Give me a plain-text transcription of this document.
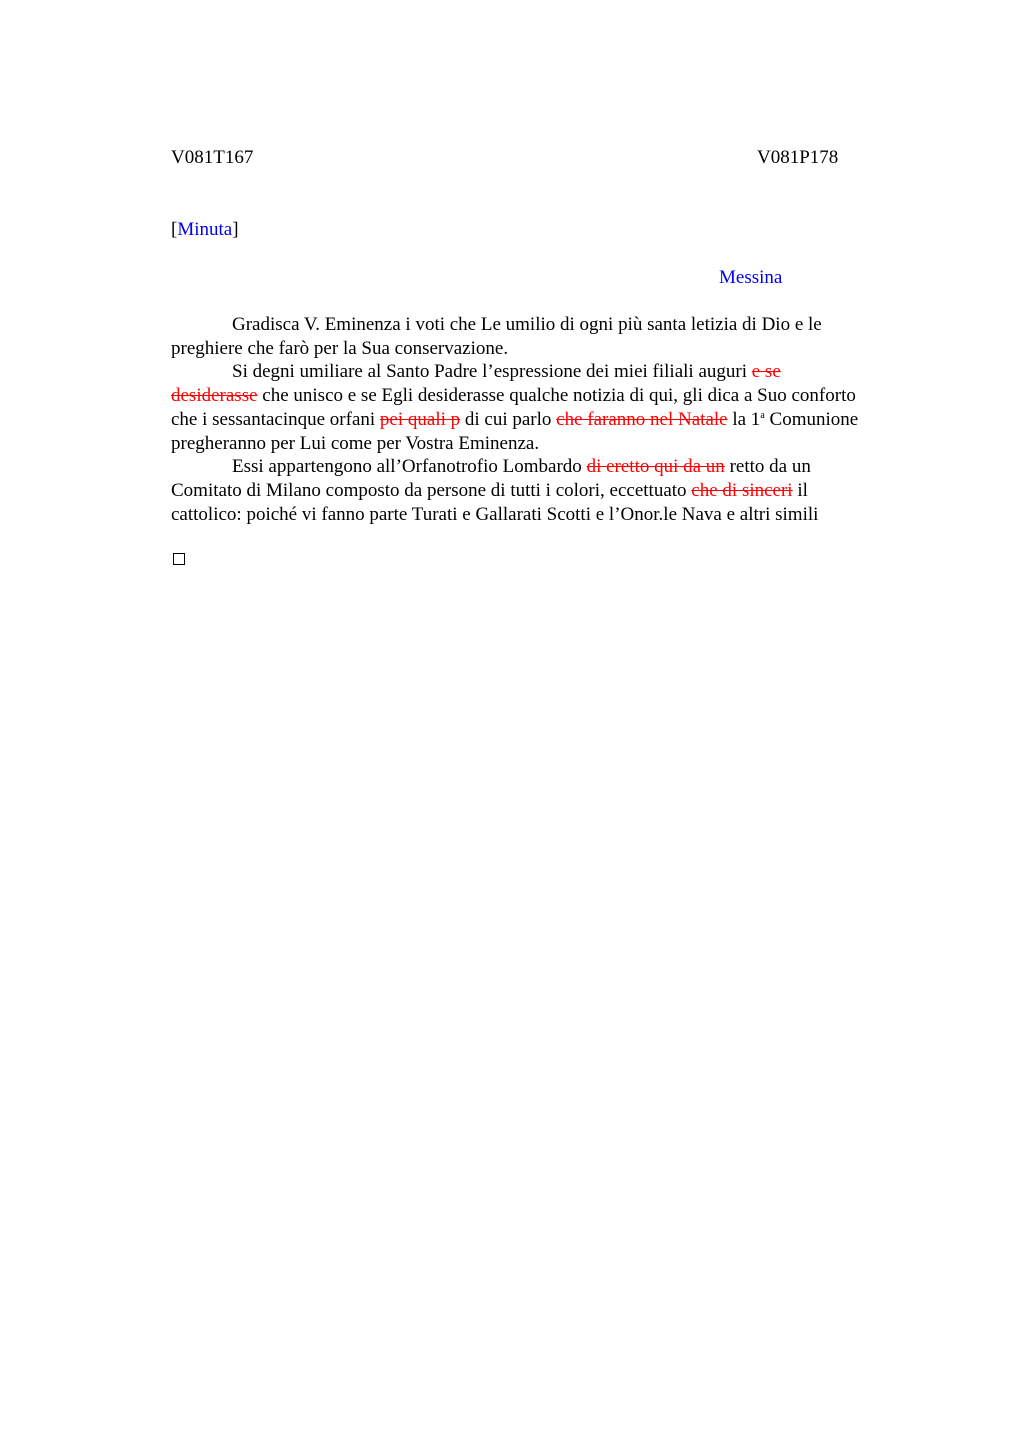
V081T167	V081P178
[Minuta]
Messina
Gradisca V. Eminenza i voti che Le umilio di ogni più santa letizia di Dio e le
preghiere che farò per la Sua conservazione.
Si degni umiliare al Santo Padre l’espressione dei miei filiali auguri e se
desiderasse che unisco e se Egli desiderasse qualche notizia di qui, gli dica a Suo conforto
che i sessantacinque orfani pei quali p di cui parlo che faranno nel Natale la 1$^a$ Comunione
pregheranno per Lui come per Vostra Eminenza.
Essi appartengono all’Orfanotrofio Lombardo di eretto qui da un retto da un
Comitato di Milano composto da persone di tutti i colori, eccettuato che di sinceri il
cattolico: poiché vi fanno parte Turati e Gallarati Scotti e l’Onor.le Nava e altri simili
